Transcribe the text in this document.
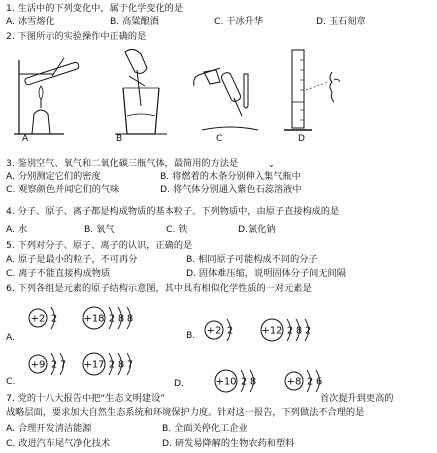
1. 生活中的下列变化中，属于化学变化的是
A. 冰雪熔化	B. 高粱酿酒	C. 干冰升华	D. 玉石刻章
2. 下图所示的实验操作中正确的是
A	B	C	D
3. 鉴别空气、氧气和二氧化碳三瓶气体，最简用的方法是	⌄
A. 分别测定它们的密度	B. 将燃着的木条分别伸入集气瓶中
C. 观察颜色并闻它们的气味	D. 将气体分别通入紫色石蕊溶液中
4. 分子、原子、离子都是构成物质的基本粒子。下列物质中，由原子直接构成的是
A. 水	B. 氧气	C. 铁	D.氯化钠
5. 下列对分子、原子、离子的认识，正确的是
A. 原子是最小的粒子，不可再分	B. 相同原子可能构成不同的分子
C. 离子不能直接构成物质	D. 固体难压缩，说明固体分子间无间隔
6. 下列各组是元素的原子结构示意图，其中具有相似化学性质的一对元素是
A.	B.
C.	D.
+2 2	+18 2 8 8
+2 2	+12 2 8 2
+9 2 7 +17 2 8 7
+10 2 8	+8 2 6
7. 党的十八大报告中把“生态文明建设”	首次提升到更高的
战略层面，要求加大自然生态系统和环境保护力度。针对这一报告，下列做法不合理的是
A. 合理开发清洁能源	B. 全面关停化工企业
C. 改进汽车尾气净化技术	D. 研发易降解的生物农药和塑料
